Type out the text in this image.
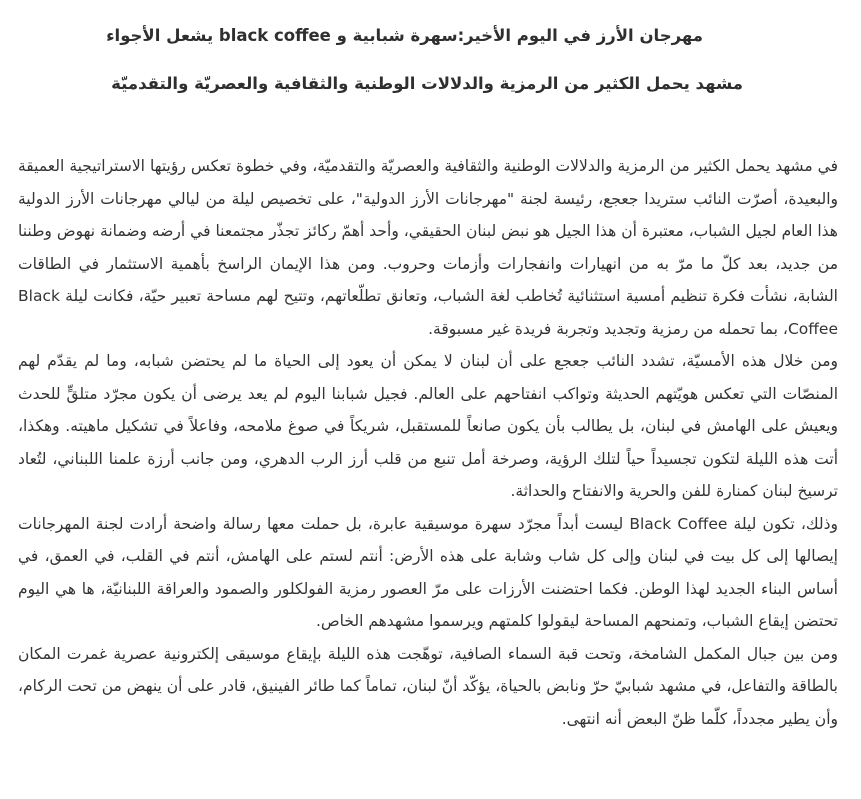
مهرجان الأرز في اليوم الأخير:سهرة شبابية و black coffee يشعل الأجواء
مشهد يحمل الكثير من الرمزية والدلالات الوطنية والثقافية والعصريّة والتقدميّة

في مشهد يحمل الكثير من الرمزية والدلالات الوطنية والثقافية والعصريّة والتقدميّة، وفي خطوة تعكس رؤيتها الاستراتيجية العميقة والبعيدة، أصرّت النائب ستريدا جعجع، رئيسة لجنة "مهرجانات الأرز الدولية"، على تخصيص ليلة من ليالي مهرجانات الأرز الدولية هذا العام لجيل الشباب، معتبرة أن هذا الجيل هو نبض لبنان الحقيقي، وأحد أهمّ ركائز تجذّر مجتمعنا في أرضه وضمانة نهوض وطننا من جديد، بعد كلّ ما مرّ به من انهيارات وانفجارات وأزمات وحروب. ومن هذا الإيمان الراسخ بأهمية الاستثمار في الطاقات الشابة، نشأت فكرة تنظيم أمسية استثنائية تُخاطب لغة الشباب، وتعانق تطلّعاتهم، وتتيح لهم مساحة تعبير حيّة، فكانت ليلة Black Coffee، بما تحمله من رمزية وتجديد وتجربة فريدة غير مسبوقة.

ومن خلال هذه الأمسيّة، تشدد النائب جعجع على أن لبنان لا يمكن أن يعود إلى الحياة ما لم يحتضن شبابه، وما لم يقدّم لهم المنصّات التي تعكس هويّتهم الحديثة وتواكب انفتاحهم على العالم. فجيل شبابنا اليوم لم يعد يرضى أن يكون مجرّد متلقٍّ للحدث ويعيش على الهامش في لبنان، بل يطالب بأن يكون صانعاً للمستقبل، شريكاً في صوغ ملامحه، وفاعلاً في تشكيل ماهيته. وهكذا، أتت هذه الليلة لتكون تجسيداً حياً لتلك الرؤية، وصرخة أمل تنبع من قلب أرز الرب الدهري، ومن جانب أرزة علمنا اللبناني، لتُعاد ترسيخ لبنان كمنارة للفن والحرية والانفتاح والحداثة.

وذلك، تكون ليلة Black Coffee ليست أبداً مجرّد سهرة موسيقية عابرة، بل حملت معها رسالة واضحة أرادت لجنة المهرجانات إيصالها إلى كل بيت في لبنان وإلى كل شاب وشابة على هذه الأرض: أنتم لستم على الهامش، أنتم في القلب، في العمق، في أساس البناء الجديد لهذا الوطن. فكما احتضنت الأرزات على مرّ العصور رمزية الفولكلور والصمود والعراقة اللبنانيّة، ها هي اليوم تحتضن إيقاع الشباب، وتمنحهم المساحة ليقولوا كلمتهم ويرسموا مشهدهم الخاص.

ومن بين جبال المكمل الشامخة، وتحت قبة السماء الصافية، توهّجت هذه الليلة بإيقاع موسيقى إلكترونية عصرية غمرت المكان بالطاقة والتفاعل، في مشهد شبابيّ حرّ ونابض بالحياة، يؤكّد أنّ لبنان، تماماً كما طائر الفينيق، قادر على أن ينهض من تحت الركام، وأن يطير مجدداً، كلّما ظنّ البعض أنه انتهى.
